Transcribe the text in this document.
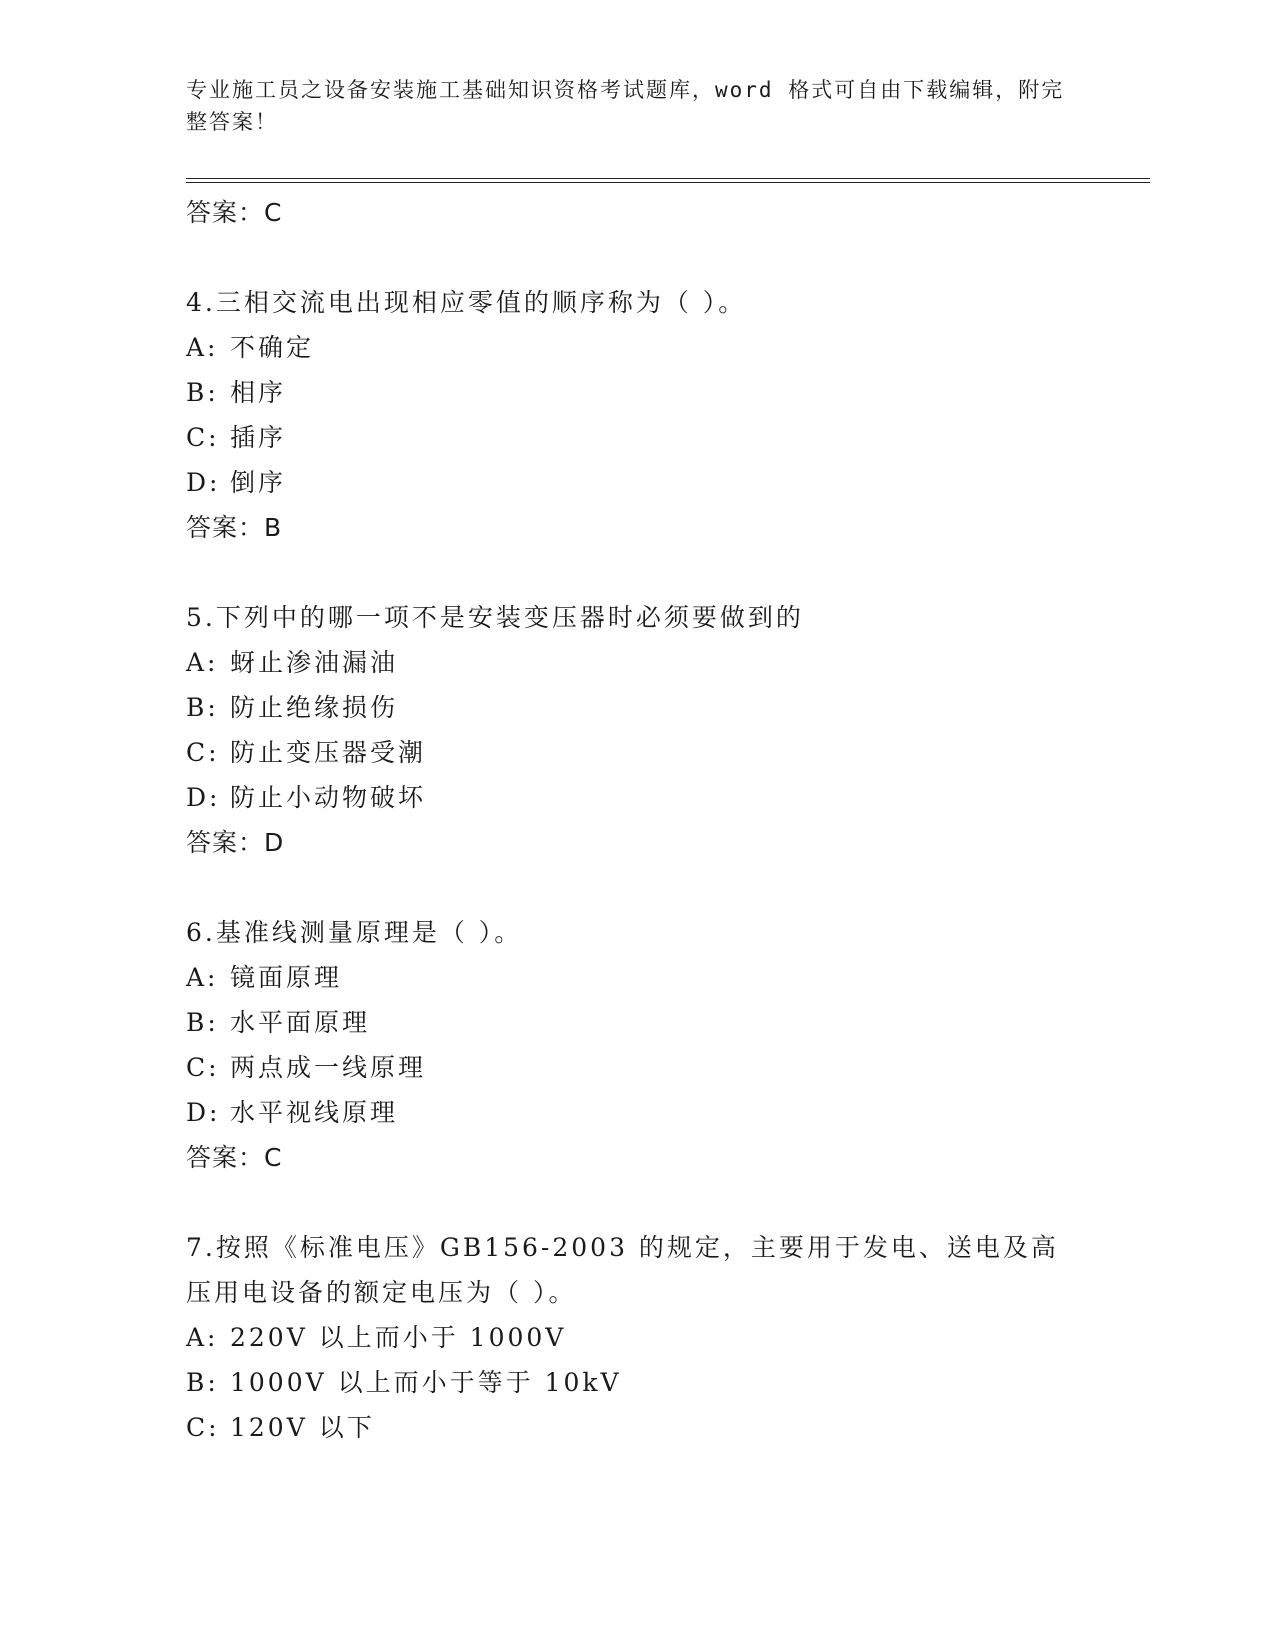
专业施工员之设备安装施工基础知识资格考试题库，word 格式可自由下载编辑，附完整答案！
答案：C
4.三相交流电出现相应零值的顺序称为（ ）。
A: 不确定
B: 相序
C: 插序
D: 倒序
答案：B
5.下列中的哪一项不是安装变压器时必须要做到的
A: 蚜止渗油漏油
B: 防止绝缘损伤
C: 防止变压器受潮
D: 防止小动物破坏
答案：D
6.基准线测量原理是（ ）。
A: 镜面原理
B: 水平面原理
C: 两点成一线原理
D: 水平视线原理
答案：C
7.按照《标准电压》GB156-2003 的规定，主要用于发电、送电及高压用电设备的额定电压为（ ）。
A: 220V 以上而小于 1000V
B: 1000V 以上而小于等于 10kV
C: 120V 以下
